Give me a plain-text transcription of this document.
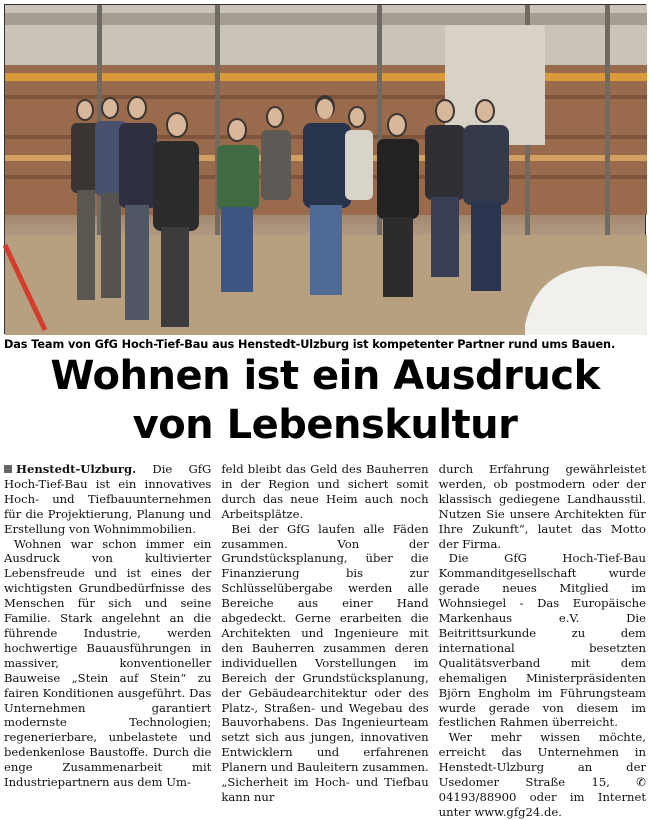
Das Team von GfG Hoch-Tief-Bau aus Henstedt-Ulzburg ist kompetenter Partner rund ums Bauen.
Wohnen ist ein Ausdruck
von Lebenskultur

Henstedt-Ulzburg. Die GfG Hoch-Tief-Bau ist ein innovatives Hoch- und Tiefbauunternehmen für die Projektierung, Planung und Erstellung von Wohnimmobilien.

Wohnen war schon immer ein Ausdruck von kultivierter Lebensfreude und ist eines der wichtigsten Grundbedürfnisse des Menschen für sich und seine Familie. Stark angelehnt an die führende Industrie, werden hochwertige Bauausführungen in massiver, konventioneller Bauweise „Stein auf Stein“ zu fairen Konditionen ausgeführt. Das Unternehmen garantiert modernste Technologien; regenerierbare, unbelastete und bedenkenlose Baustoffe. Durch die enge Zusammenarbeit mit Industriepartnern aus dem Um-

feld bleibt das Geld des Bauherren in der Region und sichert somit durch das neue Heim auch noch Arbeitsplätze.

Bei der GfG laufen alle Fäden zusammen. Von der Grundstücksplanung, über die Finanzierung bis zur Schlüsselübergabe werden alle Bereiche aus einer Hand abgedeckt. Gerne erarbeiten die Architekten und Ingenieure mit den Bauherren zusammen deren individuellen Vorstellungen im Bereich der Grundstücksplanung, der Gebäudearchitektur oder des Platz-, Straßen- und Wegebau des Bauvorhabens. Das Ingenieurteam setzt sich aus jungen, innovativen Entwicklern und erfahrenen Planern und Bauleitern zusammen. „Sicherheit im Hoch- und Tiefbau kann nur

durch Erfahrung gewährleistet werden, ob postmodern oder der klassisch gediegene Landhausstil. Nutzen Sie unsere Architekten für Ihre Zukunft“, lautet das Motto der Firma.

Die GfG Hoch-Tief-Bau Kommanditgesellschaft wurde gerade neues Mitglied im Wohnsiegel - Das Europäische Markenhaus e.V. Die Beitrittsurkunde zu dem international besetzten Qualitätsverband mit dem ehemaligen Ministerpräsidenten Björn Engholm im Führungsteam wurde gerade von diesem im festlichen Rahmen überreicht.

Wer mehr wissen möchte, erreicht das Unternehmen in Henstedt-Ulzburg an der Usedomer Straße 15, ✆ 04193/88900 oder im Internet unter www.gfg24.de.
